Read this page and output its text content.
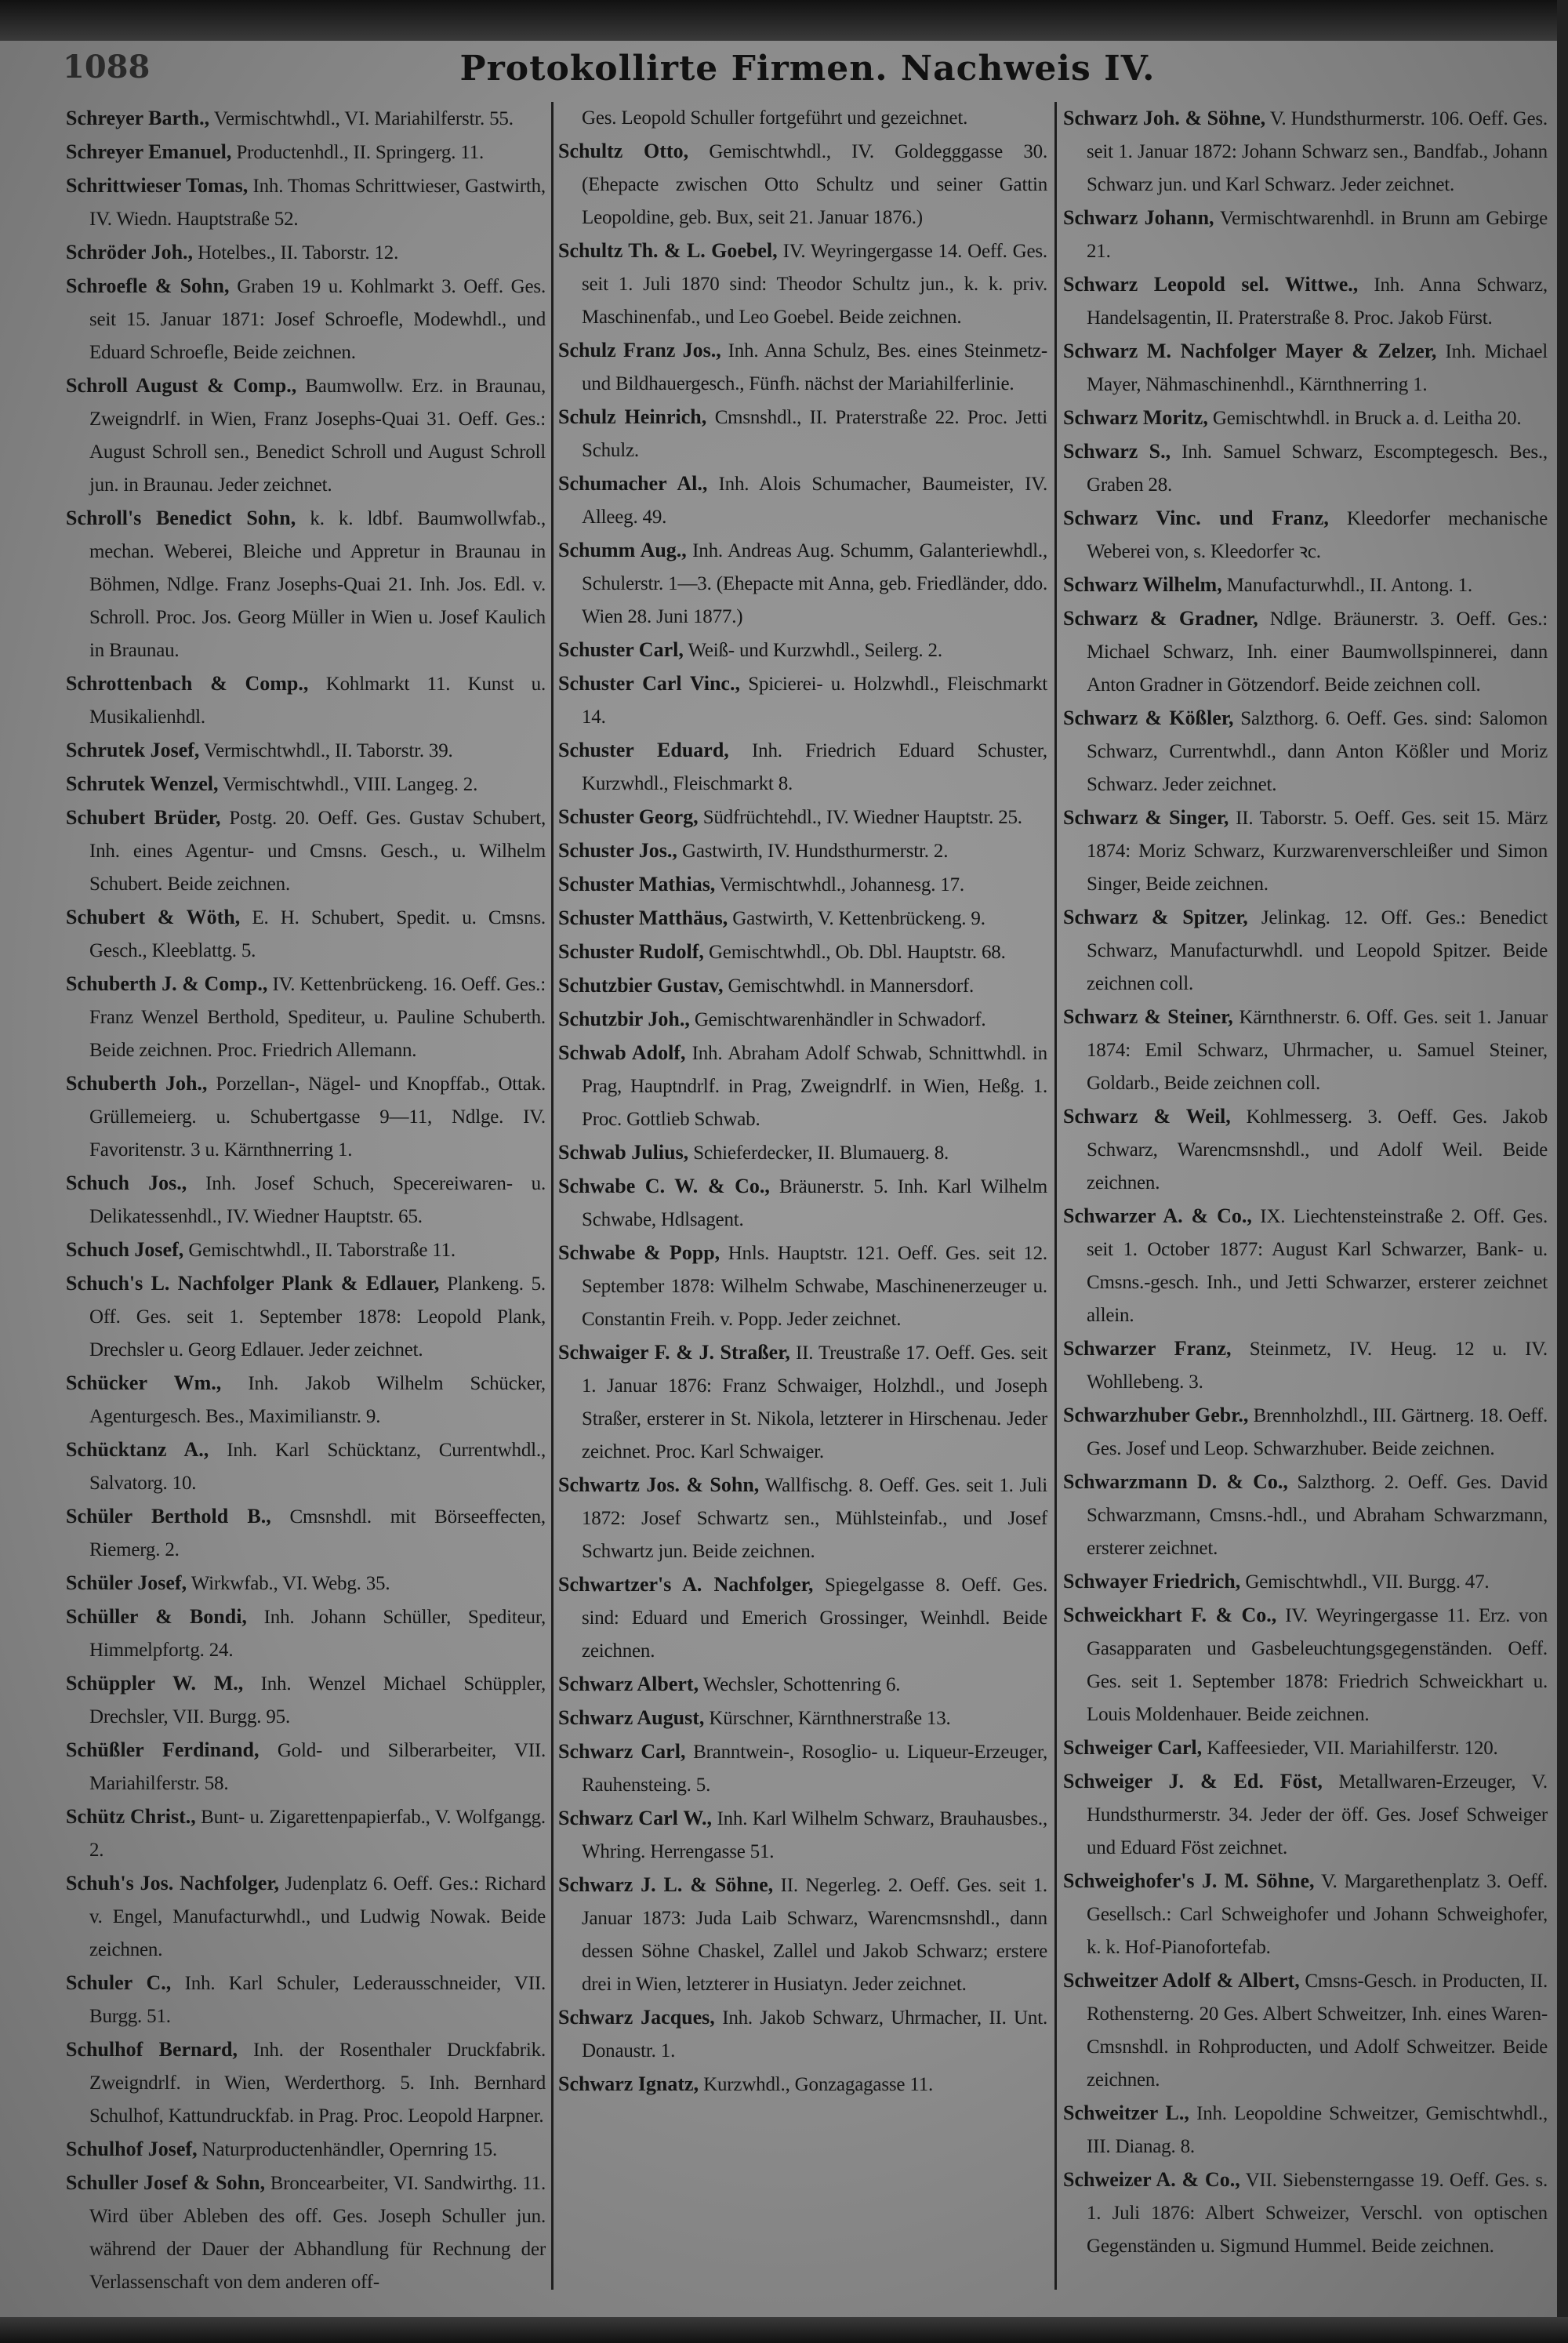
1088	Protokollirte Firmen. Nachweis IV.

Schreyer Barth., Vermischtwhdl., VI. Mariahilferstr. 55.

Schreyer Emanuel, Productenhdl., II. Springerg. 11.

Schrittwieser Tomas, Inh. Thomas Schrittwieser, Gastwirth, IV. Wiedn. Hauptstraße 52.

Schröder Joh., Hotelbes., II. Taborstr. 12.

Schroefle & Sohn, Graben 19 u. Kohlmarkt 3. Oeff. Ges. seit 15. Januar 1871: Josef Schroefle, Modewhdl., und Eduard Schroefle, Beide zeichnen.

Schroll August & Comp., Baumwollw. Erz. in Braunau, Zweigndrlf. in Wien, Franz Josephs-Quai 31. Oeff. Ges.: August Schroll sen., Benedict Schroll und August Schroll jun. in Braunau. Jeder zeichnet.

Schroll's Benedict Sohn, k. k. ldbf. Baumwollwfab., mechan. Weberei, Bleiche und Appretur in Braunau in Böhmen, Ndlge. Franz Josephs-Quai 21. Inh. Jos. Edl. v. Schroll. Proc. Jos. Georg Müller in Wien u. Josef Kaulich in Braunau.

Schrottenbach & Comp., Kohlmarkt 11. Kunst u. Musikalienhdl.

Schrutek Josef, Vermischtwhdl., II. Taborstr. 39.

Schrutek Wenzel, Vermischtwhdl., VIII. Langeg. 2.

Schubert Brüder, Postg. 20. Oeff. Ges. Gustav Schubert, Inh. eines Agentur- und Cmsns. Gesch., u. Wilhelm Schubert. Beide zeichnen.

Schubert & Wöth, E. H. Schubert, Spedit. u. Cmsns. Gesch., Kleeblattg. 5.

Schuberth J. & Comp., IV. Kettenbrückeng. 16. Oeff. Ges.: Franz Wenzel Berthold, Spediteur, u. Pauline Schuberth. Beide zeichnen. Proc. Friedrich Allemann.

Schuberth Joh., Porzellan-, Nägel- und Knopffab., Ottak. Grüllemeierg. u. Schubertgasse 9—11, Ndlge. IV. Favoritenstr. 3 u. Kärnthnerring 1.

Schuch Jos., Inh. Josef Schuch, Specereiwaren- u. Delikatessenhdl., IV. Wiedner Hauptstr. 65.

Schuch Josef, Gemischtwhdl., II. Taborstraße 11.

Schuch's L. Nachfolger Plank & Edlauer, Plankeng. 5. Off. Ges. seit 1. September 1878: Leopold Plank, Drechsler u. Georg Edlauer. Jeder zeichnet.

Schücker Wm., Inh. Jakob Wilhelm Schücker, Agenturgesch. Bes., Maximilianstr. 9.

Schücktanz A., Inh. Karl Schücktanz, Currentwhdl., Salvatorg. 10.

Schüler Berthold B., Cmsnshdl. mit Börseeffecten, Riemerg. 2.

Schüler Josef, Wirkwfab., VI. Webg. 35.

Schüller & Bondi, Inh. Johann Schüller, Spediteur, Himmelpfortg. 24.

Schüppler W. M., Inh. Wenzel Michael Schüppler, Drechsler, VII. Burgg. 95.

Schüßler Ferdinand, Gold- und Silberarbeiter, VII. Mariahilferstr. 58.

Schütz Christ., Bunt- u. Zigarettenpapierfab., V. Wolfgangg. 2.

Schuh's Jos. Nachfolger, Judenplatz 6. Oeff. Ges.: Richard v. Engel, Manufacturwhdl., und Ludwig Nowak. Beide zeichnen.

Schuler C., Inh. Karl Schuler, Lederausschneider, VII. Burgg. 51.

Schulhof Bernard, Inh. der Rosenthaler Druckfabrik. Zweigndrlf. in Wien, Werderthorg. 5. Inh. Bernhard Schulhof, Kattundruckfab. in Prag. Proc. Leopold Harpner.

Schulhof Josef, Naturproductenhändler, Opernring 15.

Schuller Josef & Sohn, Broncearbeiter, VI. Sandwirthg. 11. Wird über Ableben des off. Ges. Joseph Schuller jun. während der Dauer der Abhandlung für Rechnung der Verlassenschaft von dem anderen off-

Ges. Leopold Schuller fortgeführt und gezeichnet.

Schultz Otto, Gemischtwhdl., IV. Goldegggasse 30. (Ehepacte zwischen Otto Schultz und seiner Gattin Leopoldine, geb. Bux, seit 21. Januar 1876.)

Schultz Th. & L. Goebel, IV. Weyringergasse 14. Oeff. Ges. seit 1. Juli 1870 sind: Theodor Schultz jun., k. k. priv. Maschinenfab., und Leo Goebel. Beide zeichnen.

Schulz Franz Jos., Inh. Anna Schulz, Bes. eines Steinmetz- und Bildhauergesch., Fünfh. nächst der Mariahilferlinie.

Schulz Heinrich, Cmsnshdl., II. Praterstraße 22. Proc. Jetti Schulz.

Schumacher Al., Inh. Alois Schumacher, Baumeister, IV. Alleeg. 49.

Schumm Aug., Inh. Andreas Aug. Schumm, Galanteriewhdl., Schulerstr. 1—3. (Ehepacte mit Anna, geb. Friedländer, ddo. Wien 28. Juni 1877.)

Schuster Carl, Weiß- und Kurzwhdl., Seilerg. 2.

Schuster Carl Vinc., Spicierei- u. Holzwhdl., Fleischmarkt 14.

Schuster Eduard, Inh. Friedrich Eduard Schuster, Kurzwhdl., Fleischmarkt 8.

Schuster Georg, Südfrüchtehdl., IV. Wiedner Hauptstr. 25.

Schuster Jos., Gastwirth, IV. Hundsthurmerstr. 2.

Schuster Mathias, Vermischtwhdl., Johannesg. 17.

Schuster Matthäus, Gastwirth, V. Kettenbrückeng. 9.

Schuster Rudolf, Gemischtwhdl., Ob. Dbl. Hauptstr. 68.

Schutzbier Gustav, Gemischtwhdl. in Mannersdorf.

Schutzbir Joh., Gemischtwarenhändler in Schwadorf.

Schwab Adolf, Inh. Abraham Adolf Schwab, Schnittwhdl. in Prag, Hauptndrlf. in Prag, Zweigndrlf. in Wien, Heßg. 1. Proc. Gottlieb Schwab.

Schwab Julius, Schieferdecker, II. Blumauerg. 8.

Schwabe C. W. & Co., Bräunerstr. 5. Inh. Karl Wilhelm Schwabe, Hdlsagent.

Schwabe & Popp, Hnls. Hauptstr. 121. Oeff. Ges. seit 12. September 1878: Wilhelm Schwabe, Maschinenerzeuger u. Constantin Freih. v. Popp. Jeder zeichnet.

Schwaiger F. & J. Straßer, II. Treustraße 17. Oeff. Ges. seit 1. Januar 1876: Franz Schwaiger, Holzhdl., und Joseph Straßer, ersterer in St. Nikola, letzterer in Hirschenau. Jeder zeichnet. Proc. Karl Schwaiger.

Schwartz Jos. & Sohn, Wallfischg. 8. Oeff. Ges. seit 1. Juli 1872: Josef Schwartz sen., Mühlsteinfab., und Josef Schwartz jun. Beide zeichnen.

Schwartzer's A. Nachfolger, Spiegelgasse 8. Oeff. Ges. sind: Eduard und Emerich Grossinger, Weinhdl. Beide zeichnen.

Schwarz Albert, Wechsler, Schottenring 6.

Schwarz August, Kürschner, Kärnthnerstraße 13.

Schwarz Carl, Branntwein-, Rosoglio- u. Liqueur-Erzeuger, Rauhensteing. 5.

Schwarz Carl W., Inh. Karl Wilhelm Schwarz, Brauhausbes., Whring. Herrengasse 51.

Schwarz J. L. & Söhne, II. Negerleg. 2. Oeff. Ges. seit 1. Januar 1873: Juda Laib Schwarz, Warencmsnshdl., dann dessen Söhne Chaskel, Zallel und Jakob Schwarz; erstere drei in Wien, letzterer in Husiatyn. Jeder zeichnet.

Schwarz Jacques, Inh. Jakob Schwarz, Uhrmacher, II. Unt. Donaustr. 1.

Schwarz Ignatz, Kurzwhdl., Gonzagagasse 11.

Schwarz Joh. & Söhne, V. Hundsthurmerstr. 106. Oeff. Ges. seit 1. Januar 1872: Johann Schwarz sen., Bandfab., Johann Schwarz jun. und Karl Schwarz. Jeder zeichnet.

Schwarz Johann, Vermischtwarenhdl. in Brunn am Gebirge 21.

Schwarz Leopold sel. Wittwe., Inh. Anna Schwarz, Handelsagentin, II. Praterstraße 8. Proc. Jakob Fürst.

Schwarz M. Nachfolger Mayer & Zelzer, Inh. Michael Mayer, Nähmaschinenhdl., Kärnthnerring 1.

Schwarz Moritz, Gemischtwhdl. in Bruck a. d. Leitha 20.

Schwarz S., Inh. Samuel Schwarz, Escomptegesch. Bes., Graben 28.

Schwarz Vinc. und Franz, Kleedorfer mechanische Weberei von, s. Kleedorfer ꝛc.

Schwarz Wilhelm, Manufacturwhdl., II. Antong. 1.

Schwarz & Gradner, Ndlge. Bräunerstr. 3. Oeff. Ges.: Michael Schwarz, Inh. einer Baumwollspinnerei, dann Anton Gradner in Götzendorf. Beide zeichnen coll.

Schwarz & Kößler, Salzthorg. 6. Oeff. Ges. sind: Salomon Schwarz, Currentwhdl., dann Anton Kößler und Moriz Schwarz. Jeder zeichnet.

Schwarz & Singer, II. Taborstr. 5. Oeff. Ges. seit 15. März 1874: Moriz Schwarz, Kurzwarenverschleißer und Simon Singer, Beide zeichnen.

Schwarz & Spitzer, Jelinkag. 12. Off. Ges.: Benedict Schwarz, Manufacturwhdl. und Leopold Spitzer. Beide zeichnen coll.

Schwarz & Steiner, Kärnthnerstr. 6. Off. Ges. seit 1. Januar 1874: Emil Schwarz, Uhrmacher, u. Samuel Steiner, Goldarb., Beide zeichnen coll.

Schwarz & Weil, Kohlmesserg. 3. Oeff. Ges. Jakob Schwarz, Warencmsnshdl., und Adolf Weil. Beide zeichnen.

Schwarzer A. & Co., IX. Liechtensteinstraße 2. Off. Ges. seit 1. October 1877: August Karl Schwarzer, Bank- u. Cmsns.-gesch. Inh., und Jetti Schwarzer, ersterer zeichnet allein.

Schwarzer Franz, Steinmetz, IV. Heug. 12 u. IV. Wohllebeng. 3.

Schwarzhuber Gebr., Brennholzhdl., III. Gärtnerg. 18. Oeff. Ges. Josef und Leop. Schwarzhuber. Beide zeichnen.

Schwarzmann D. & Co., Salzthorg. 2. Oeff. Ges. David Schwarzmann, Cmsns.-hdl., und Abraham Schwarzmann, ersterer zeichnet.

Schwayer Friedrich, Gemischtwhdl., VII. Burgg. 47.

Schweickhart F. & Co., IV. Weyringergasse 11. Erz. von Gasapparaten und Gasbeleuchtungsgegenständen. Oeff. Ges. seit 1. September 1878: Friedrich Schweickhart u. Louis Moldenhauer. Beide zeichnen.

Schweiger Carl, Kaffeesieder, VII. Mariahilferstr. 120.

Schweiger J. & Ed. Föst, Metallwaren-Erzeuger, V. Hundsthurmerstr. 34. Jeder der öff. Ges. Josef Schweiger und Eduard Föst zeichnet.

Schweighofer's J. M. Söhne, V. Margarethenplatz 3. Oeff. Gesellsch.: Carl Schweighofer und Johann Schweighofer, k. k. Hof-Pianofortefab.

Schweitzer Adolf & Albert, Cmsns-Gesch. in Producten, II. Rothensterng. 20 Ges. Albert Schweitzer, Inh. eines Waren-Cmsnshdl. in Rohproducten, und Adolf Schweitzer. Beide zeichnen.

Schweitzer L., Inh. Leopoldine Schweitzer, Gemischtwhdl., III. Dianag. 8.

Schweizer A. & Co., VII. Siebensterngasse 19. Oeff. Ges. s. 1. Juli 1876: Albert Schweizer, Verschl. von optischen Gegenständen u. Sigmund Hummel. Beide zeichnen.
